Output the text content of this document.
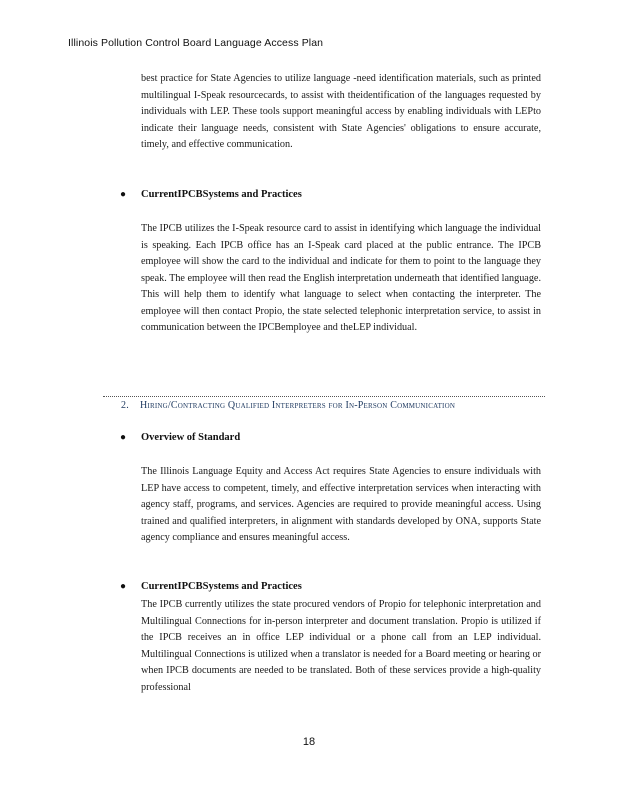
Illinois Pollution Control Board Language Access Plan

best practice for State Agencies to utilize language -need identification materials, such as printed multilingual I-Speak resourcecards, to assist with theidentification of the languages requested by individuals with LEP. These tools support meaningful access by enabling individuals with LEPto indicate their language needs, consistent with State Agencies' obligations to ensure accurate, timely, and effective communication.

● CurrentIPCBSystems and Practices

The IPCB utilizes the I-Speak resource card to assist in identifying which language the individual is speaking. Each IPCB office has an I-Speak card placed at the public entrance. The IPCB employee will show the card to the individual and indicate for them to point to the language they speak. The employee will then read the English interpretation underneath that identified language. This will help them to identify what language to select when contacting the interpreter. The employee will then contact Propio, the state selected telephonic interpretation service, to assist in communication between the IPCBemployee and theLEP individual.

2. Hiring/Contracting Qualified Interpreters for In-Person Communication
● Overview of Standard

The Illinois Language Equity and Access Act requires State Agencies to ensure individuals with LEP have access to competent, timely, and effective interpretation services when interacting with agency staff, programs, and services. Agencies are required to provide meaningful access. Using trained and qualified interpreters, in alignment with standards developed by ONA, supports State agency compliance and ensures meaningful access.

● CurrentIPCBSystems and Practices

The IPCB currently utilizes the state procured vendors of Propio for telephonic interpretation and Multilingual Connections for in-person interpreter and document translation. Propio is utilized if the IPCB receives an in office LEP individual or a phone call from an LEP individual. Multilingual Connections is utilized when a translator is needed for a Board meeting or hearing or when IPCB documents are needed to be translated. Both of these services provide a high-quality professional

18
